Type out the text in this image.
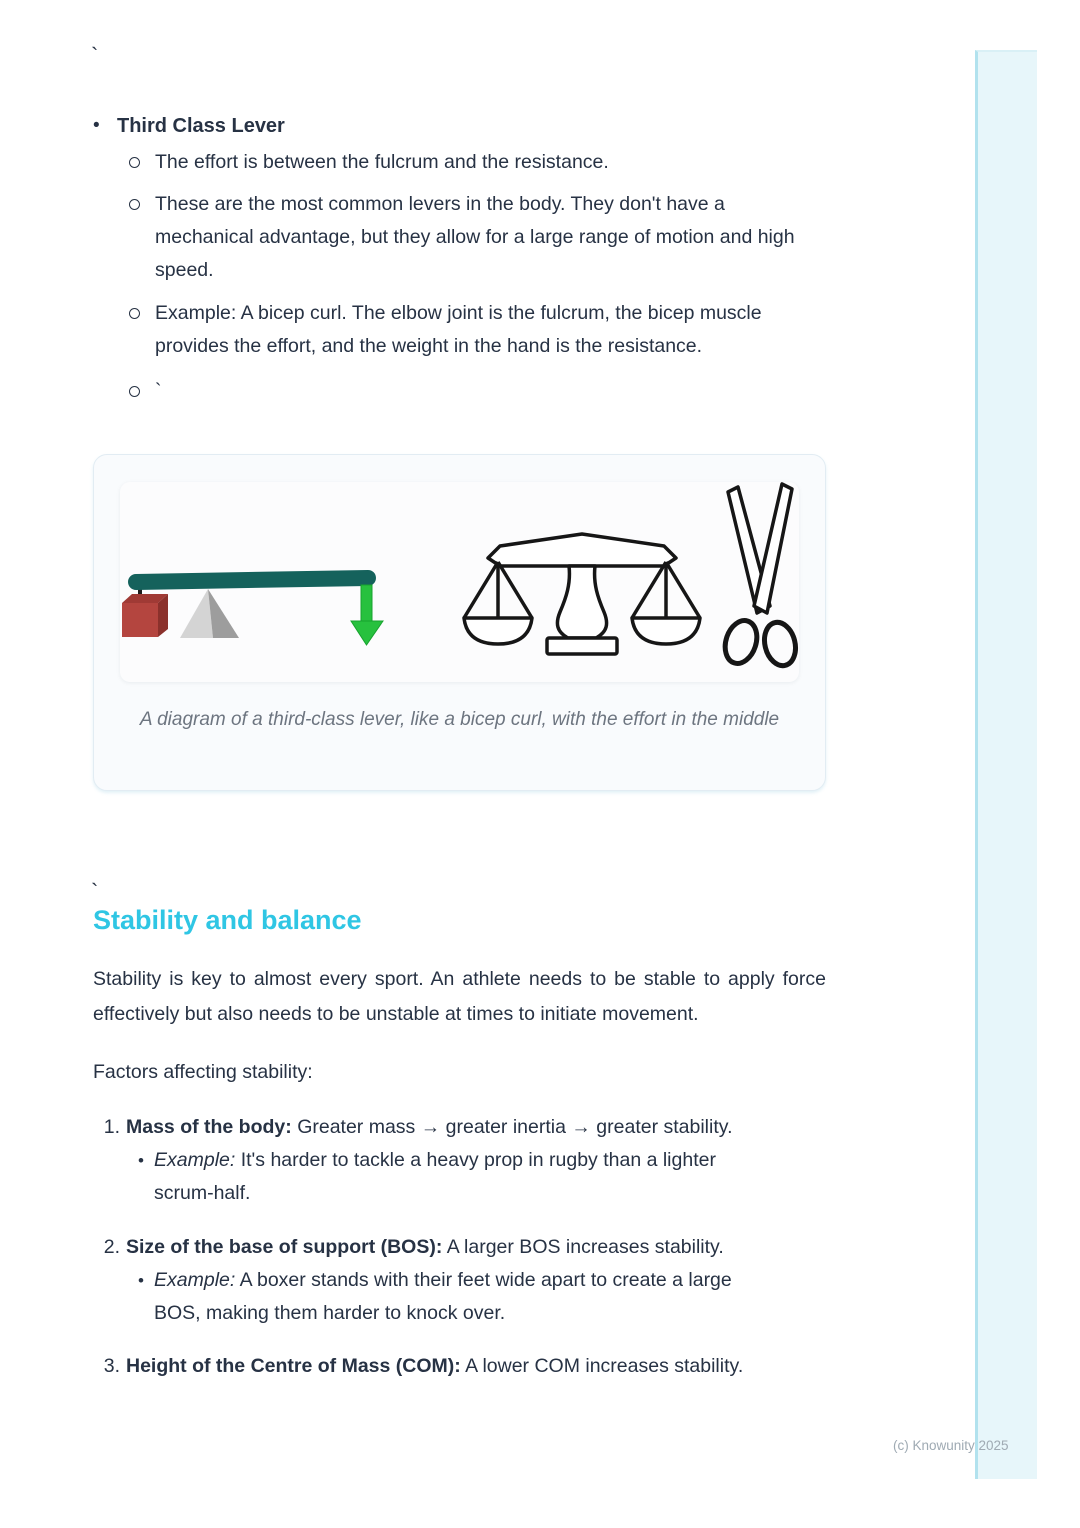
`
• Third Class Lever
The effort is between the fulcrum and the resistance.
These are the most common levers in the body. They don't have a mechanical advantage, but they allow for a large range of motion and high speed.
Example: A bicep curl. The elbow joint is the fulcrum, the bicep muscle provides the effort, and the weight in the hand is the resistance.
`
A diagram of a third-class lever, like a bicep curl, with the effort in the middle
Stability and balance

Stability is key to almost every sport. An athlete needs to be stable to apply force effectively but also needs to be unstable at times to initiate movement.

Factors affecting stability:

1. Mass of the body: Greater mass → greater inertia → greater stability.
•
Example: It's harder to tackle a heavy prop in rugby than a lighter scrum-half.
2. Size of the base of support (BOS): A larger BOS increases stability.
•
Example: A boxer stands with their feet wide apart to create a large BOS, making them harder to knock over.
3. Height of the Centre of Mass (COM): A lower COM increases stability.
`
(c) Knowunity 2025
